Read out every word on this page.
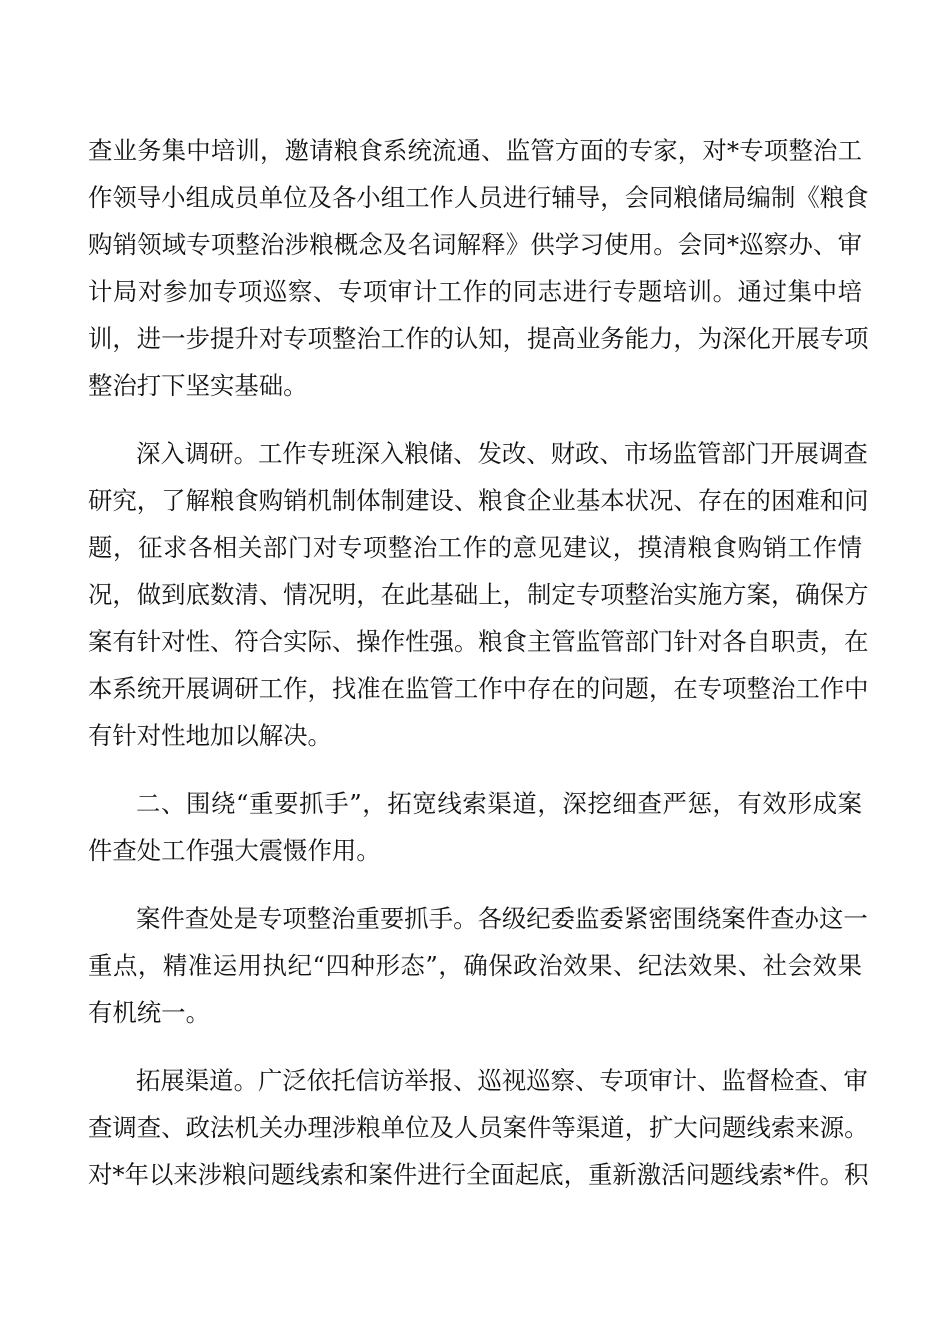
查业务集中培训，邀请粮食系统流通、监管方面的专家，对*专项整治工
作领导小组成员单位及各小组工作人员进行辅导，会同粮储局编制《粮食
购销领域专项整治涉粮概念及名词解释》供学习使用。会同*巡察办、审
计局对参加专项巡察、专项审计工作的同志进行专题培训。通过集中培
训，进一步提升对专项整治工作的认知，提高业务能力，为深化开展专项
整治打下坚实基础。

深入调研。工作专班深入粮储、发改、财政、市场监管部门开展调查
研究，了解粮食购销机制体制建设、粮食企业基本状况、存在的困难和问
题，征求各相关部门对专项整治工作的意见建议，摸清粮食购销工作情
况，做到底数清、情况明，在此基础上，制定专项整治实施方案，确保方
案有针对性、符合实际、操作性强。粮食主管监管部门针对各自职责，在
本系统开展调研工作，找准在监管工作中存在的问题，在专项整治工作中
有针对性地加以解决。

二、围绕“重要抓手”，拓宽线索渠道，深挖细查严惩，有效形成案
件查处工作强大震慑作用。

案件查处是专项整治重要抓手。各级纪委监委紧密围绕案件查办这一
重点，精准运用执纪“四种形态”，确保政治效果、纪法效果、社会效果
有机统一。

拓展渠道。广泛依托信访举报、巡视巡察、专项审计、监督检查、审
查调查、政法机关办理涉粮单位及人员案件等渠道，扩大问题线索来源。
对*年以来涉粮问题线索和案件进行全面起底，重新激活问题线索*件。积
